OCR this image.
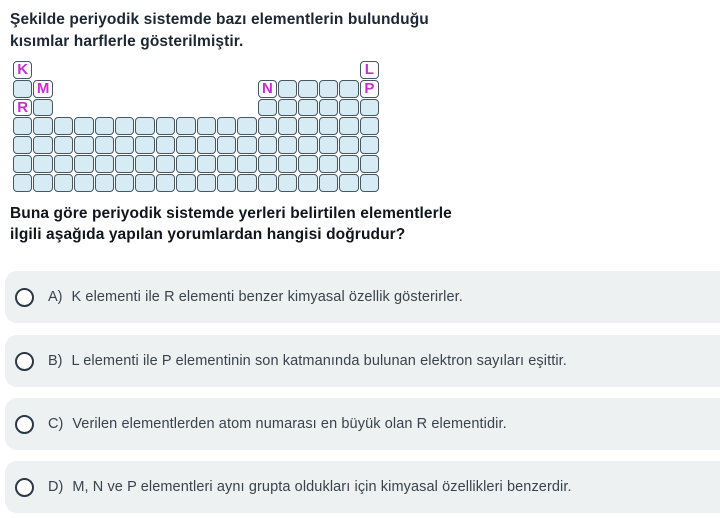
Şekilde periyodik sistemde bazı elementlerin bulunduğu kısımlar harflerle gösterilmiştir.
K	L
M	N	P
R
Buna göre periyodik sistemde yerleri belirtilen elementlerle ilgili aşağıda yapılan yorumlardan hangisi doğrudur?
A) K elementi ile R elementi benzer kimyasal özellik gösterirler.
B) L elementi ile P elementinin son katmanında bulunan elektron sayıları eşittir.
C) Verilen elementlerden atom numarası en büyük olan R elementidir.
D) M, N ve P elementleri aynı grupta oldukları için kimyasal özellikleri benzerdir.
